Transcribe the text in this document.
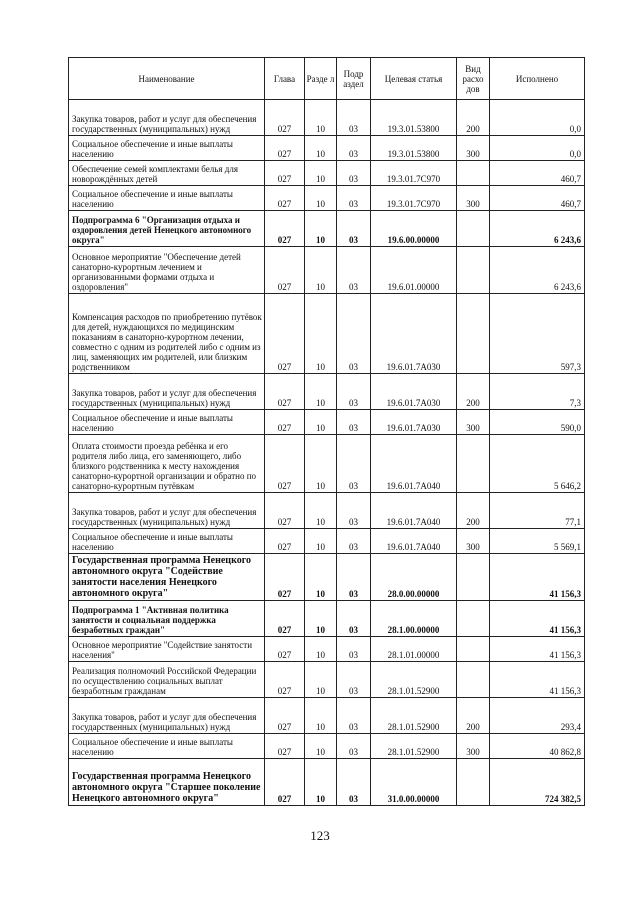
Наименование	Глава	Разде л	Подр аздел	Целевая статья	Вид расхо дов	Исполнено
Закупка товаров, работ и услуг для обеспечения государственных (муниципальных) нужд	027	10	03	19.3.01.53800	200	0,0
Социальное обеспечение и иные выплаты населению	027	10	03	19.3.01.53800	300	0,0
Обеспечение семей комплектами белья для новорождённых детей	027	10	03	19.3.01.7С970		460,7
Социальное обеспечение и иные выплаты населению	027	10	03	19.3.01.7С970	300	460,7
Подпрограмма 6 "Организация отдыха и оздоровления детей Ненецкого автономного округа"	027	10	03	19.6.00.00000		6 243,6
Основное мероприятие "Обеспечение детей санаторно-курортным лечением и организованными формами отдыха и оздоровления"	027	10	03	19.6.01.00000		6 243,6
Компенсация расходов по приобретению путёвок для детей, нуждающихся по медицинским показаниям в санаторно-курортном лечении, совместно с одним из родителей либо с одним из лиц, заменяющих им родителей, или близким родственником	027	10	03	19.6.01.7А030		597,3
Закупка товаров, работ и услуг для обеспечения государственных (муниципальных) нужд	027	10	03	19.6.01.7А030	200	7,3
Социальное обеспечение и иные выплаты населению	027	10	03	19.6.01.7А030	300	590,0
Оплата стоимости проезда ребёнка и его родителя либо лица, его заменяющего, либо близкого родственника к месту нахождения санаторно-курортной организации и обратно по санаторно-курортным путёвкам	027	10	03	19.6.01.7А040		5 646,2
Закупка товаров, работ и услуг для обеспечения государственных (муниципальных) нужд	027	10	03	19.6.01.7А040	200	77,1
Социальное обеспечение и иные выплаты населению	027	10	03	19.6.01.7А040	300	5 569,1
Государственная программа Ненецкого автономного округа "Содействие занятости населения Ненецкого автономного округа"	027	10	03	28.0.00.00000		41 156,3
Подпрограмма 1 "Активная политика занятости и социальная поддержка безработных граждан"	027	10	03	28.1.00.00000		41 156,3
Основное мероприятие "Содействие занятости населения"	027	10	03	28.1.01.00000		41 156,3
Реализация полномочий Российской Федерации по осуществлению социальных выплат безработным гражданам	027	10	03	28.1.01.52900		41 156,3
Закупка товаров, работ и услуг для обеспечения государственных (муниципальных) нужд	027	10	03	28.1.01.52900	200	293,4
Социальное обеспечение и иные выплаты населению	027	10	03	28.1.01.52900	300	40 862,8
Государственная программа Ненецкого автономного округа "Старшее поколение Ненецкого автономного округа"	027	10	03	31.0.00.00000		724 382,5
123
